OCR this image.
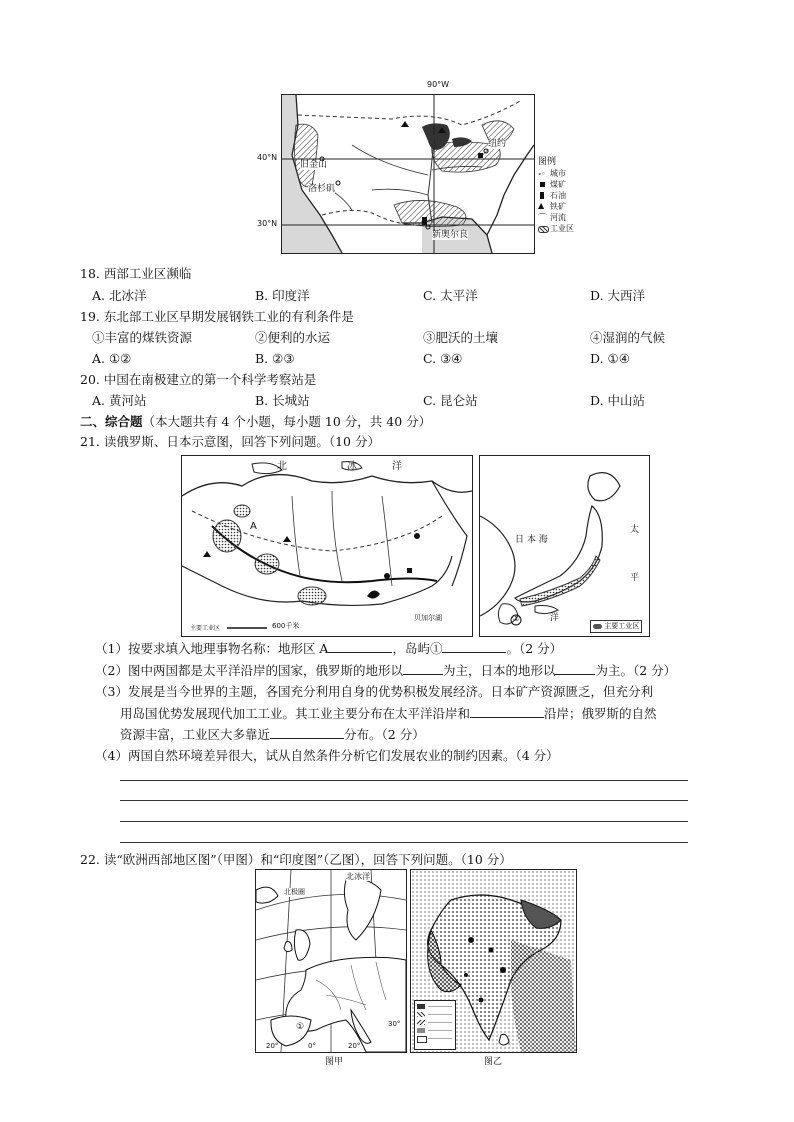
90°W
旧金山
洛杉矶
纽约
新奥尔良
40°N
30°N
图例
∘◦ 城市
煤矿
石油
▲ 铁矿
⌒ 河流
工业区
18. 西部工业区濒临
A. 北冰洋	B. 印度洋	C. 太平洋	D. 大西洋
19. 东北部工业区早期发展钢铁工业的有利条件是
①丰富的煤铁资源	②便利的水运	③肥沃的土壤	④湿润的气候
A. ①②	B. ②③	C. ③④	D. ①④
20. 中国在南极建立的第一个科学考察站是
A. 黄河站	B. 长城站	C. 昆仑站	D. 中山站
二、综合题（本大题共有 4 个小题，每小题 10 分，共 40 分）
21. 读俄罗斯、日本示意图，回答下列问题。（10 分）
北	冰	洋
A
贝加尔湖
600千米
主要工业区
日 本 海
太
平
洋
①
主要工业区
（1）按要求填入地理事物名称：地形区 A	，岛屿①	。（2 分）
（2）图中两国都是太平洋沿岸的国家，俄罗斯的地形以	为主，日本的地形以	为主。（2 分）
（3）发展是当今世界的主题，各国充分利用自身的优势积极发展经济。日本矿产资源匮乏，但充分利
用岛国优势发展现代加工工业。其工业主要分布在太平洋沿岸和	沿岸；俄罗斯的自然
资源丰富，工业区大多靠近	分布。（2 分）
（4）两国自然环境差异很大，试从自然条件分析它们发展农业的制约因素。（4 分）
22. 读“欧洲西部地区图”（甲图）和“印度图”（乙图），回答下列问题。（10 分）
北冰洋
北极圈
①
20°	0°	20°
30°
图甲	图乙
